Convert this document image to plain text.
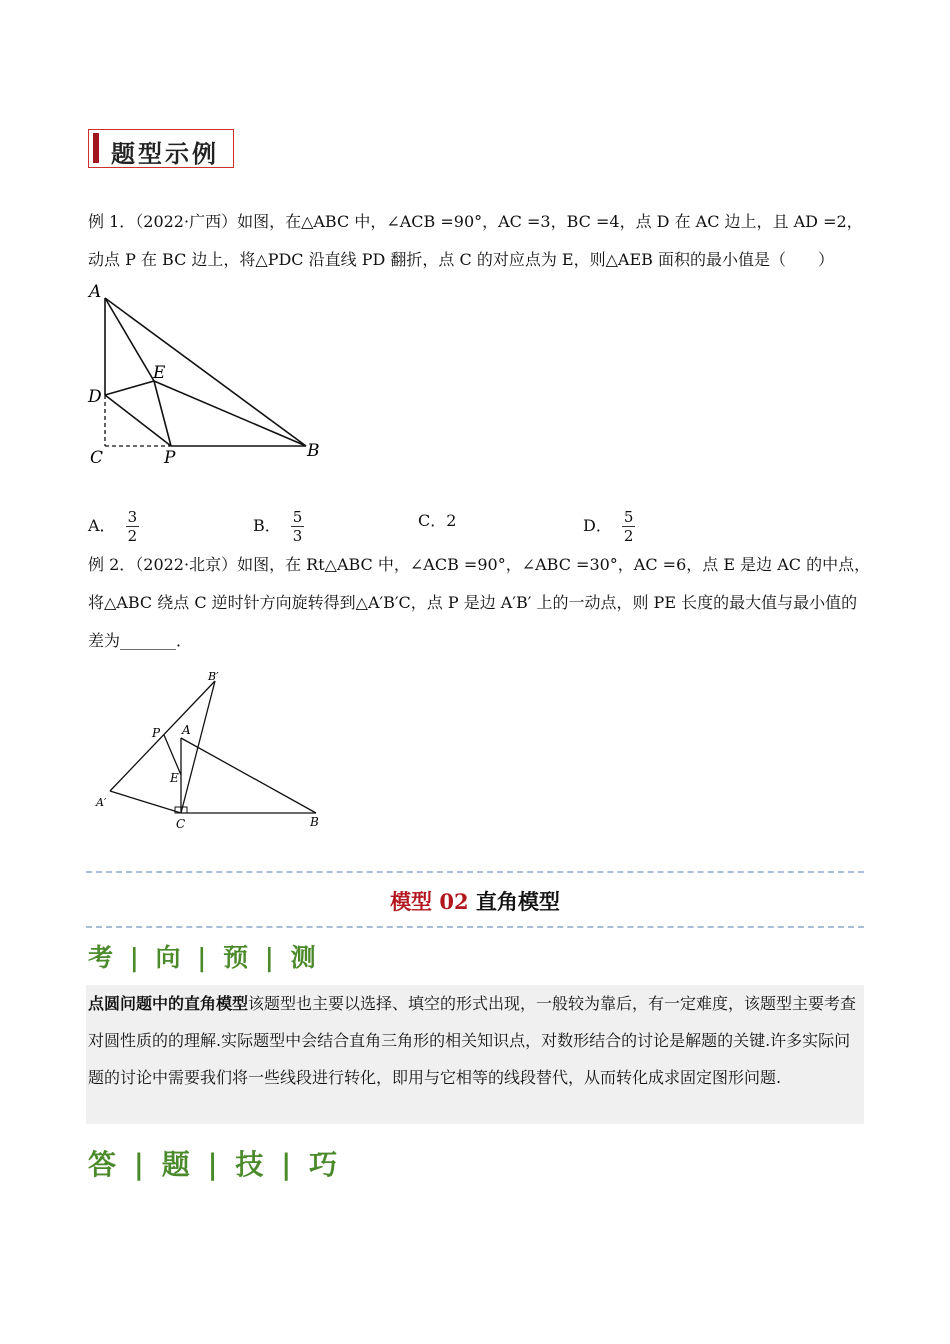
题型示例
例 1．（2022·广西）如图，在△ABC 中，∠ACB =90°，AC =3，BC =4，点 D 在 AC 边上，且 AD =2，
动点 P 在 BC 边上，将△PDC 沿直线 PD 翻折，点 C 的对应点为 E，则△AEB 面积的最小值是（　　）
A
B
C
D
E
P
A． $\frac{3}{2}$	B． $\frac{5}{3}$	C．2	D． $\frac{5}{2}$
例 2．（2022·北京）如图，在 Rt△ABC 中，∠ACB =90°，∠ABC =30°，AC =6，点 E 是边 AC 的中点，
将△ABC 绕点 C 逆时针方向旋转得到△A′B′C，点 P 是边 A′B′ 上的一动点，则 PE 长度的最大值与最小值的
差为_______．
B′
P A
E
A′
C	B
模型 02 直角模型
考 | 向 | 预 | 测
点圆问题中的直角模型该题型也主要以选择、填空的形式出现，一般较为靠后，有一定难度，该题型主要考查对圆性质的的理解.实际题型中会结合直角三角形的相关知识点，对数形结合的讨论是解题的关键.许多实际问题的讨论中需要我们将一些线段进行转化，即用与它相等的线段替代，从而转化成求固定图形问题.
答 | 题 | 技 | 巧
